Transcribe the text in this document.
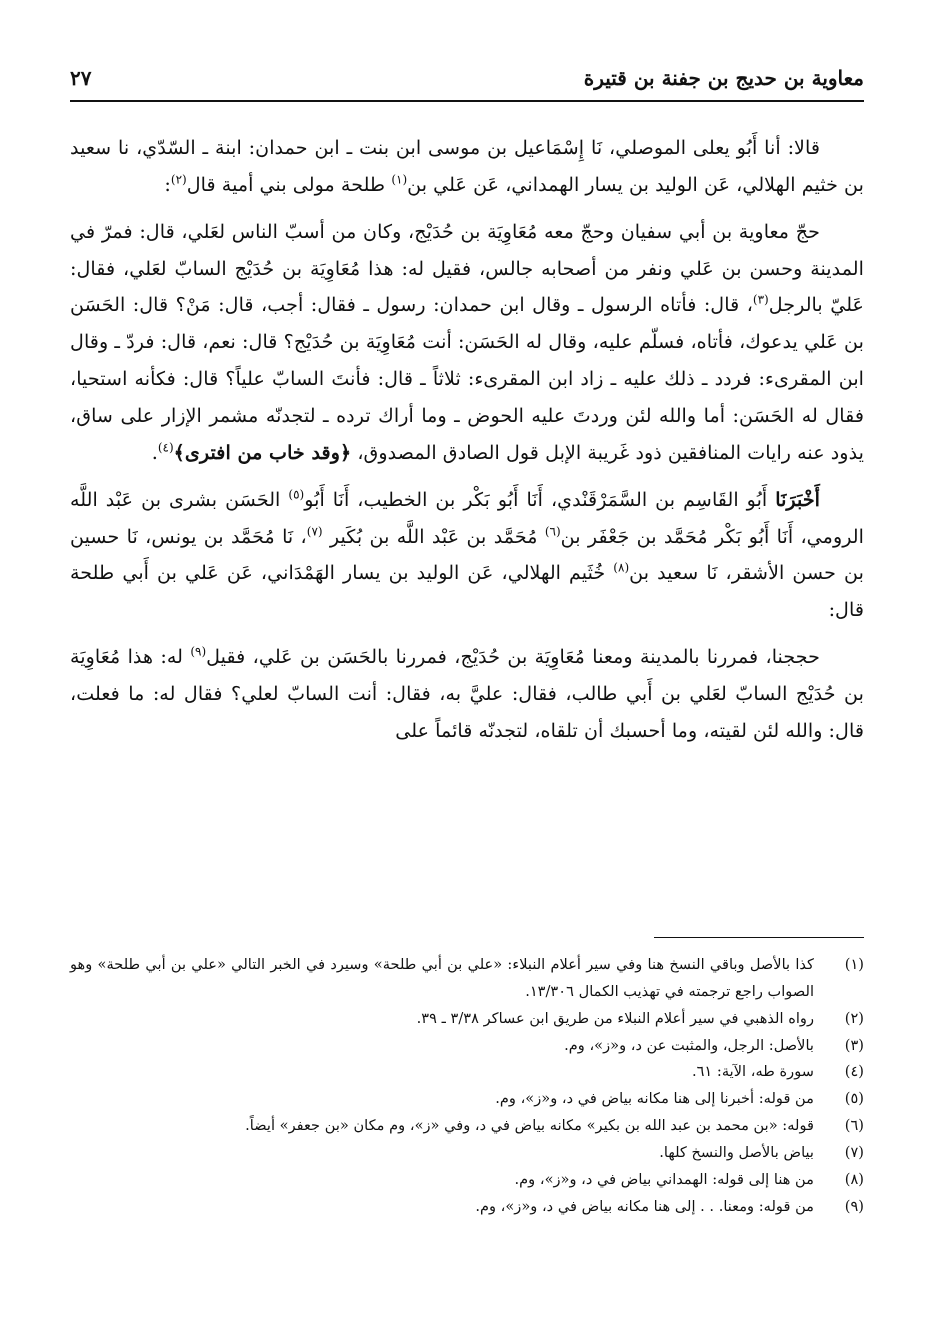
معاوية بن حديج بن جفنة بن قتيرة
٢٧

قالا: أنا أَبُو يعلى الموصلي، نَا إِسْمَاعيل بن موسى ابن بنت ـ ابن حمدان: ابنة ـ السّدّي، نا سعيد بن خثيم الهلالي، عَن الوليد بن يسار الهمداني، عَن عَلي بن$^{(١)}$ طلحة مولى بني أمية قال$^{(٢)}$:

حجّ معاوية بن أبي سفيان وحجّ معه مُعَاوِيَة بن حُدَيْج، وكان من أسبّ الناس لعَلي، قال: فمرّ في المدينة وحسن بن عَلي ونفر من أصحابه جالس، فقيل له: هذا مُعَاوِيَة بن حُدَيْج السابّ لعَلي، فقال: عَليّ بالرجل$^{(٣)}$، قال: فأتاه الرسول ـ وقال ابن حمدان: رسول ـ فقال: أجب، قال: مَنْ؟ قال: الحَسَن بن عَلي يدعوك، فأتاه، فسلّم عليه، وقال له الحَسَن: أنت مُعَاوِيَة بن حُدَيْج؟ قال: نعم، قال: فردّ ـ وقال ابن المقرىء: فردد ـ ذلك عليه ـ زاد ابن المقرىء: ثلاثاً ـ قال: فأنتَ السابّ علياً؟ قال: فكأنه استحيا، فقال له الحَسَن: أما والله لئن وردتَ عليه الحوض ـ وما أراك ترده ـ لتجدنّه مشمر الإزار على ساق، يذود عنه رايات المنافقين ذود غَريبة الإبل قول الصادق المصدوق، ﴿وقد خاب من افترى﴾$^{(٤)}$.

أَخْبَرَنَا أَبُو القَاسِم بن السَّمَرْقَنْدي، أَنَا أَبُو بَكْر بن الخطيب، أَنَا أَبُو$^{(٥)}$ الحَسَن بشرى بن عَبْد اللَّه الرومي، أَنَا أَبُو بَكْر مُحَمَّد بن جَعْفَر بن$^{(٦)}$ مُحَمَّد بن عَبْد اللَّه بن بُكَير $^{(٧)}$، نَا مُحَمَّد بن يونس، نَا حسين بن حسن الأشقر، نَا سعيد بن$^{(٨)}$ خُثَيم الهلالي، عَن الوليد بن يسار الهَمْدَاني، عَن عَلي بن أَبي طلحة قال:

حججنا، فمررنا بالمدينة ومعنا مُعَاوِيَة بن حُدَيْج، فمررنا بالحَسَن بن عَلي، فقيل$^{(٩)}$ له: هذا مُعَاوِيَة بن حُدَيْج السابّ لعَلي بن أَبي طالب، فقال: عليَّ به، فقال: أنت السابّ لعلي؟ فقال له: ما فعلت، قال: والله لئن لقيته، وما أحسبك أن تلقاه، لتجدنّه قائماً على

(١)
كذا بالأصل وباقي النسخ هنا وفي سير أعلام النبلاء: «علي بن أبي طلحة» وسيرد في الخبر التالي «علي بن أبي طلحة» وهو الصواب راجع ترجمته في تهذيب الكمال ١٣/٣٠٦.
(٢)
رواه الذهبي في سير أعلام النبلاء من طريق ابن عساكر ٣/٣٨ ـ ٣٩.
(٣)
بالأصل: الرجل، والمثبت عن د، و«ز»، وم.
(٤)
سورة طه، الآية: ٦١.
(٥)
من قوله: أخبرنا إلى هنا مكانه بياض في د، و«ز»، وم.
(٦)
قوله: «بن محمد بن عبد الله بن بكير» مكانه بياض في د، وفي «ز»، وم مكان «بن جعفر» أيضاً.
(٧)
بياض بالأصل والنسخ كلها.
(٨)
من هنا إلى قوله: الهمداني بياض في د، و«ز»، وم.
(٩)
من قوله: ومعنا. . . إلى هنا مكانه بياض في د، و«ز»، وم.
